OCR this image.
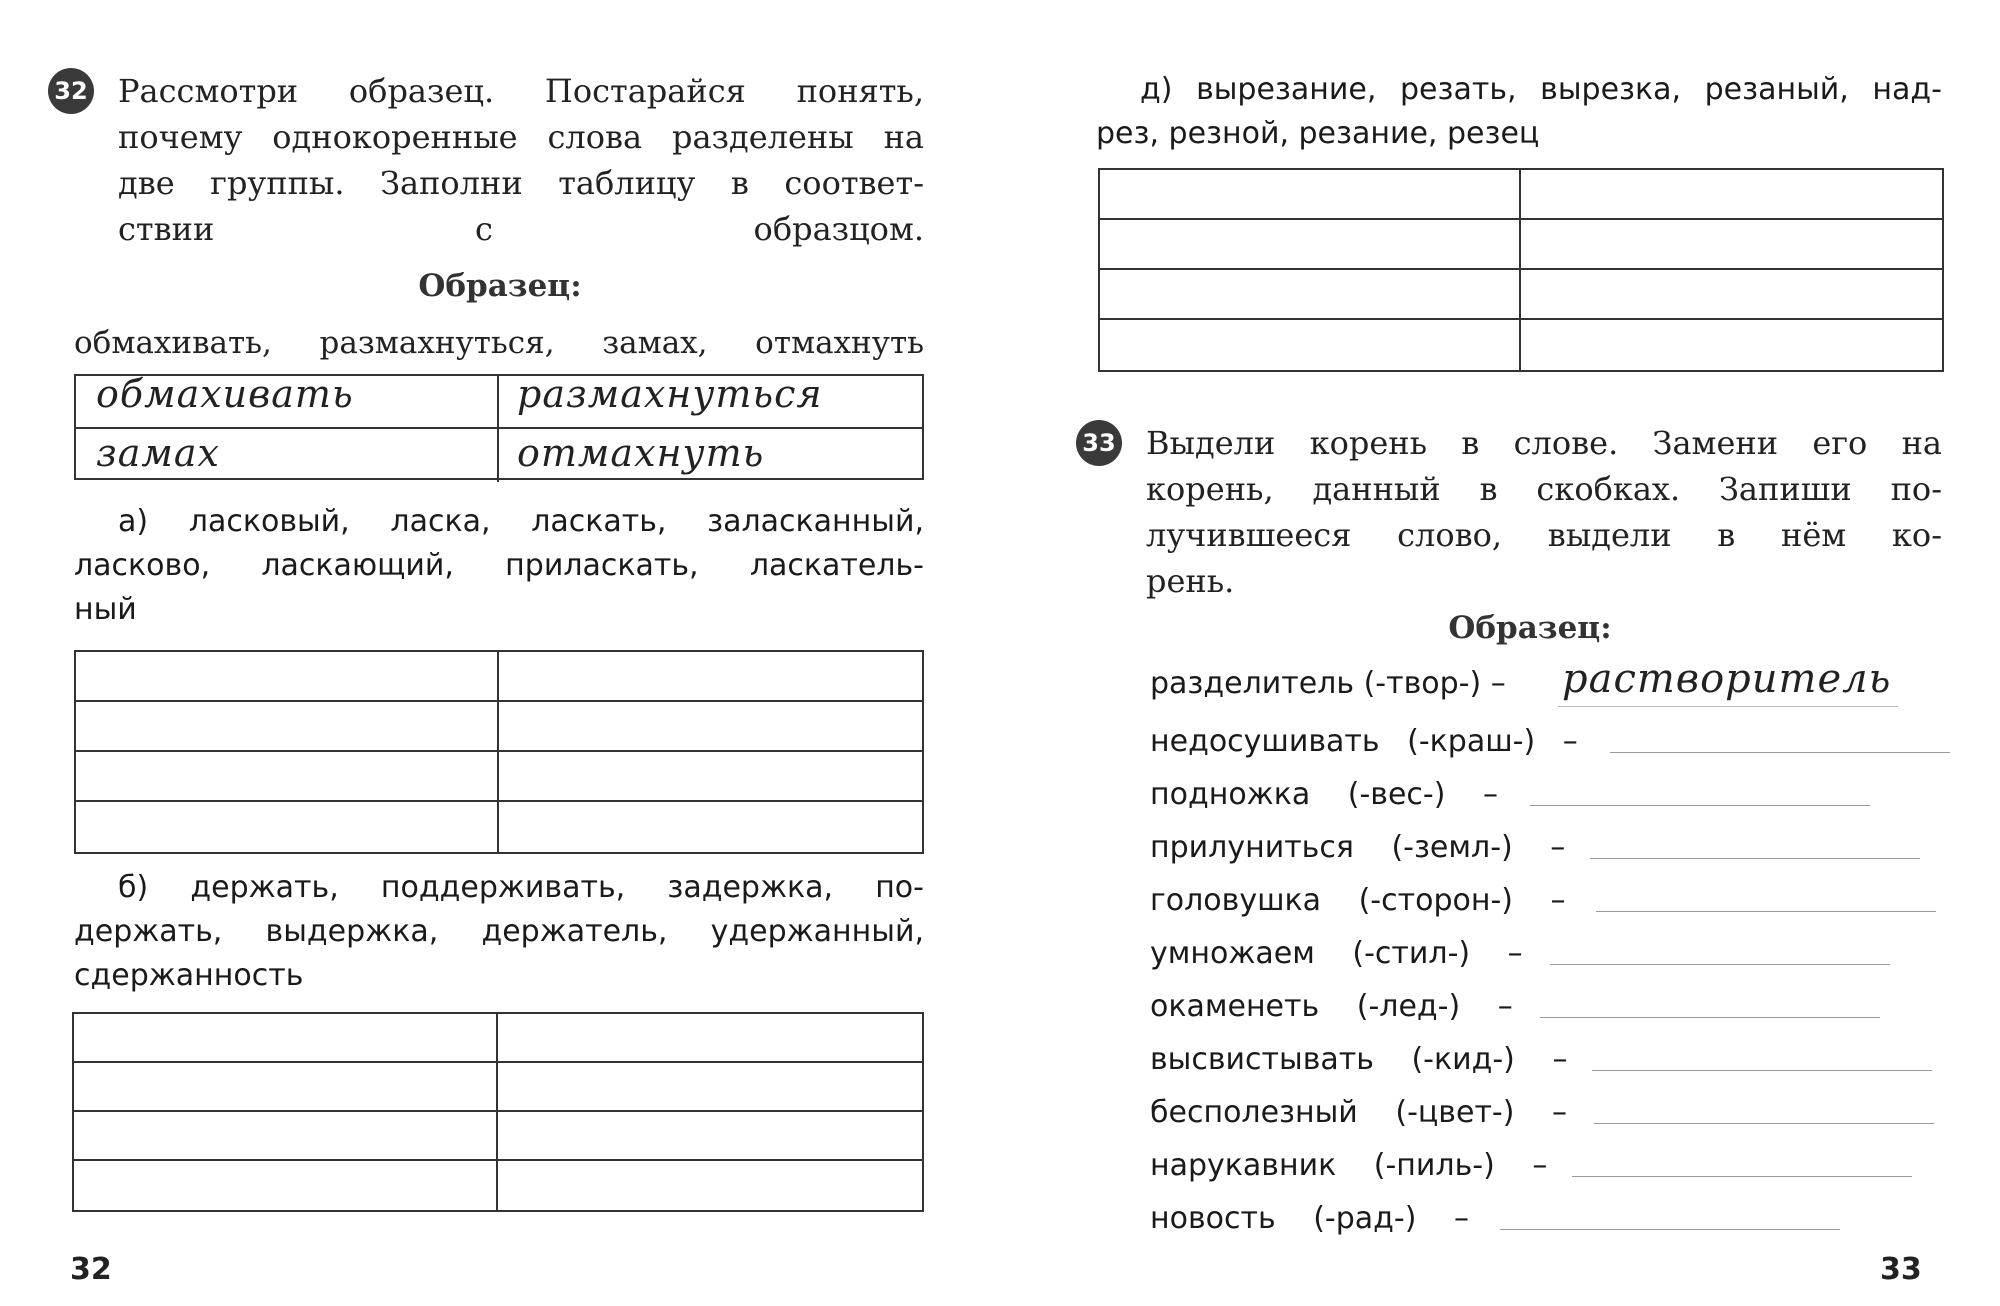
32 Рассмотри образец. Постарайся понять,
почему однокоренные слова разделены на
две группы. Заполни таблицу в соответ-
ствии с образцом.
Образец:
обмахивать, размахнуться, замах, отмахнуть
обмахивать	размахнуться
замах	отмахнуть
а) ласковый, ласка, ласкать, заласканный,
ласково, ласкающий, приласкать, ласкатель-
ный
б) держать, поддерживать, задержка, по-
держать, выдержка, держатель, удержанный,
сдержанность
32
д) вырезание, резать, вырезка, резаный, над-
рез, резной, резание, резец
33 Выдели корень в слове. Замени его на
корень, данный в скобках. Запиши по-
лучившееся слово, выдели в нём ко-
рень.
Образец:
разделитель (-твор-) – растворитель
недосушивать (-краш-) –
подножка (-вес-) –
прилуниться (-земл-) –
головушка (-сторон-) –
умножаем (-стил-) –
окаменеть (-лед-) –
высвистывать (-кид-) –
бесполезный (-цвет-) –
нарукавник (-пиль-) –
новость (-рад-) –
33
